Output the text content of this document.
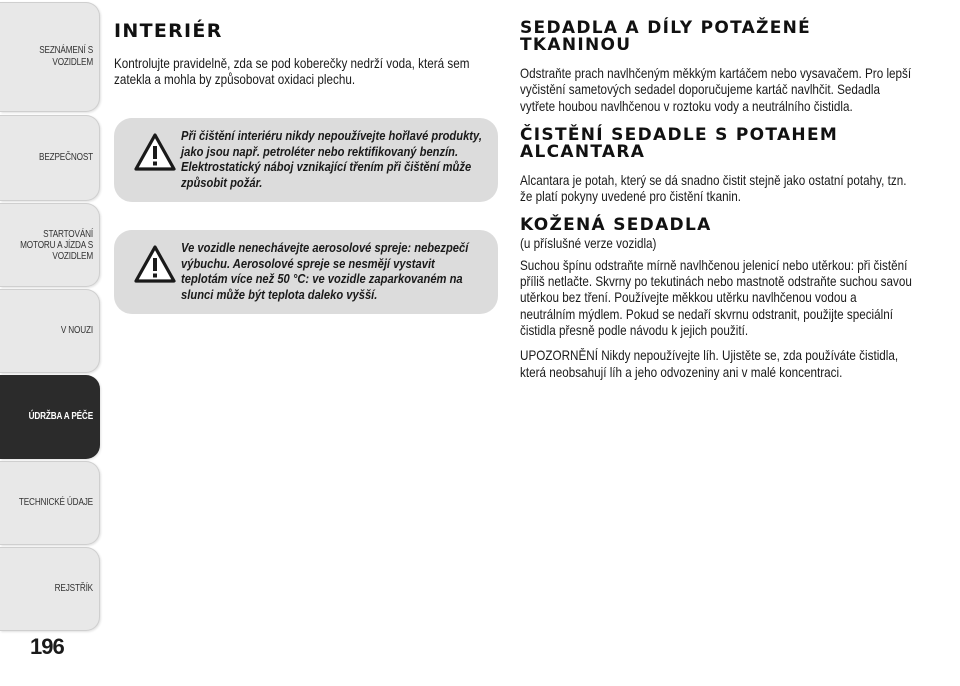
SEZNÁMENÍ S VOZIDLEM
BEZPEČNOST
STARTOVÁNÍ MOTORU A JÍZDA S VOZIDLEM
V NOUZI
ÚDRŽBA A PÉČE
TECHNICKÉ ÚDAJE
REJSTŘÍK
196
INTERIÉR

Kontrolujte pravidelně, zda se pod koberečky nedrží voda, která sem zatekla a mohla by způsobovat oxidaci plechu.

Při čištění interiéru nikdy nepoužívejte hořlavé produkty, jako jsou např. petroléter nebo rektifikovaný benzín. Elektrostatický náboj vznikající třením při čištění může způsobit požár.

Ve vozidle nenechávejte aerosolové spreje: nebezpečí výbuchu. Aerosolové spreje se nesmějí vystavit teplotám více než 50 °C: ve vozidle zaparkovaném na slunci může být teplota daleko vyšší.

SEDADLA A DÍLY POTAŽENÉ TKANINOU

Odstraňte prach navlhčeným měkkým kartáčem nebo vysavačem. Pro lepší vyčistění sametových sedadel doporučujeme kartáč navlhčit. Sedadla vytřete houbou navlhčenou v roztoku vody a neutrálního čistidla.

ČISTĚNÍ SEDADLE S POTAHEM ALCANTARA

Alcantara je potah, který se dá snadno čistit stejně jako ostatní potahy, tzn. že platí pokyny uvedené pro čistění tkanin.

KOŽENÁ SEDADLA

(u příslušné verze vozidla)

Suchou špínu odstraňte mírně navlhčenou jelenicí nebo utěrkou: při čistění příliš netlačte. Skvrny po tekutinách nebo mastnotě odstraňte suchou savou utěrkou bez tření. Používejte měkkou utěrku navlhčenou vodou a neutrálním mýdlem. Pokud se nedaří skvrnu odstranit, použijte speciální čistidla přesně podle návodu k jejich použití.

UPOZORNĚNÍ Nikdy nepoužívejte líh. Ujistěte se, zda používáte čistidla, která neobsahují líh a jeho odvozeniny ani v malé koncentraci.
